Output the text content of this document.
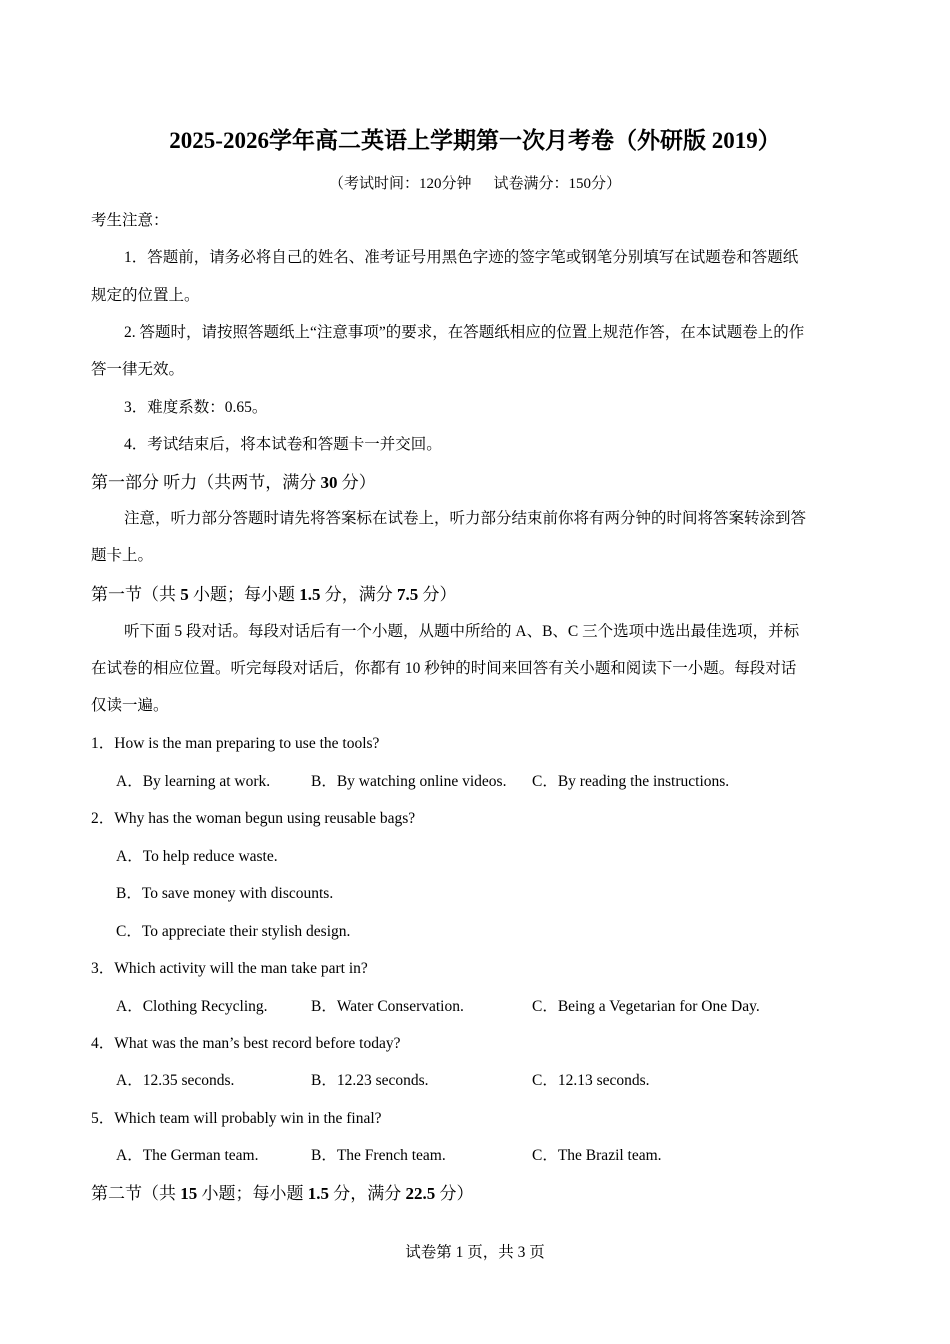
2025-2026学年高二英语上学期第一次月考卷（外研版 2019）
（考试时间：120分钟 试卷满分：150分）
考生注意：
1．答题前，请务必将自己的姓名、准考证号用黑色字迹的签字笔或钢笔分别填写在试题卷和答题纸
规定的位置上。
2. 答题时，请按照答题纸上“注意事项”的要求，在答题纸相应的位置上规范作答，在本试题卷上的作
答一律无效。
3．难度系数：0.65。
4．考试结束后，将本试卷和答题卡一并交回。
第一部分 听力（共两节，满分 30 分）
注意，听力部分答题时请先将答案标在试卷上，听力部分结束前你将有两分钟的时间将答案转涂到答
题卡上。
第一节（共 5 小题；每小题 1.5 分，满分 7.5 分）
听下面 5 段对话。每段对话后有一个小题，从题中所给的 A、B、C 三个选项中选出最佳选项，并标
在试卷的相应位置。听完每段对话后，你都有 10 秒钟的时间来回答有关小题和阅读下一小题。每段对话
仅读一遍。
1．How is the man preparing to use the tools?
A．By learning at work.	B．By watching online videos. C．By reading the instructions.
2．Why has the woman begun using reusable bags?
A．To help reduce waste.
B．To save money with discounts.
C．To appreciate their stylish design.
3．Which activity will the man take part in?
A．Clothing Recycling.	B．Water Conservation.	C．Being a Vegetarian for One Day.
4．What was the man’s best record before today?
A．12.35 seconds.	B．12.23 seconds.	C．12.13 seconds.
5．Which team will probably win in the final?
A．The German team.	B．The French team.	C．The Brazil team.
第二节（共 15 小题；每小题 1.5 分，满分 22.5 分）
试卷第 1 页，共 3 页
